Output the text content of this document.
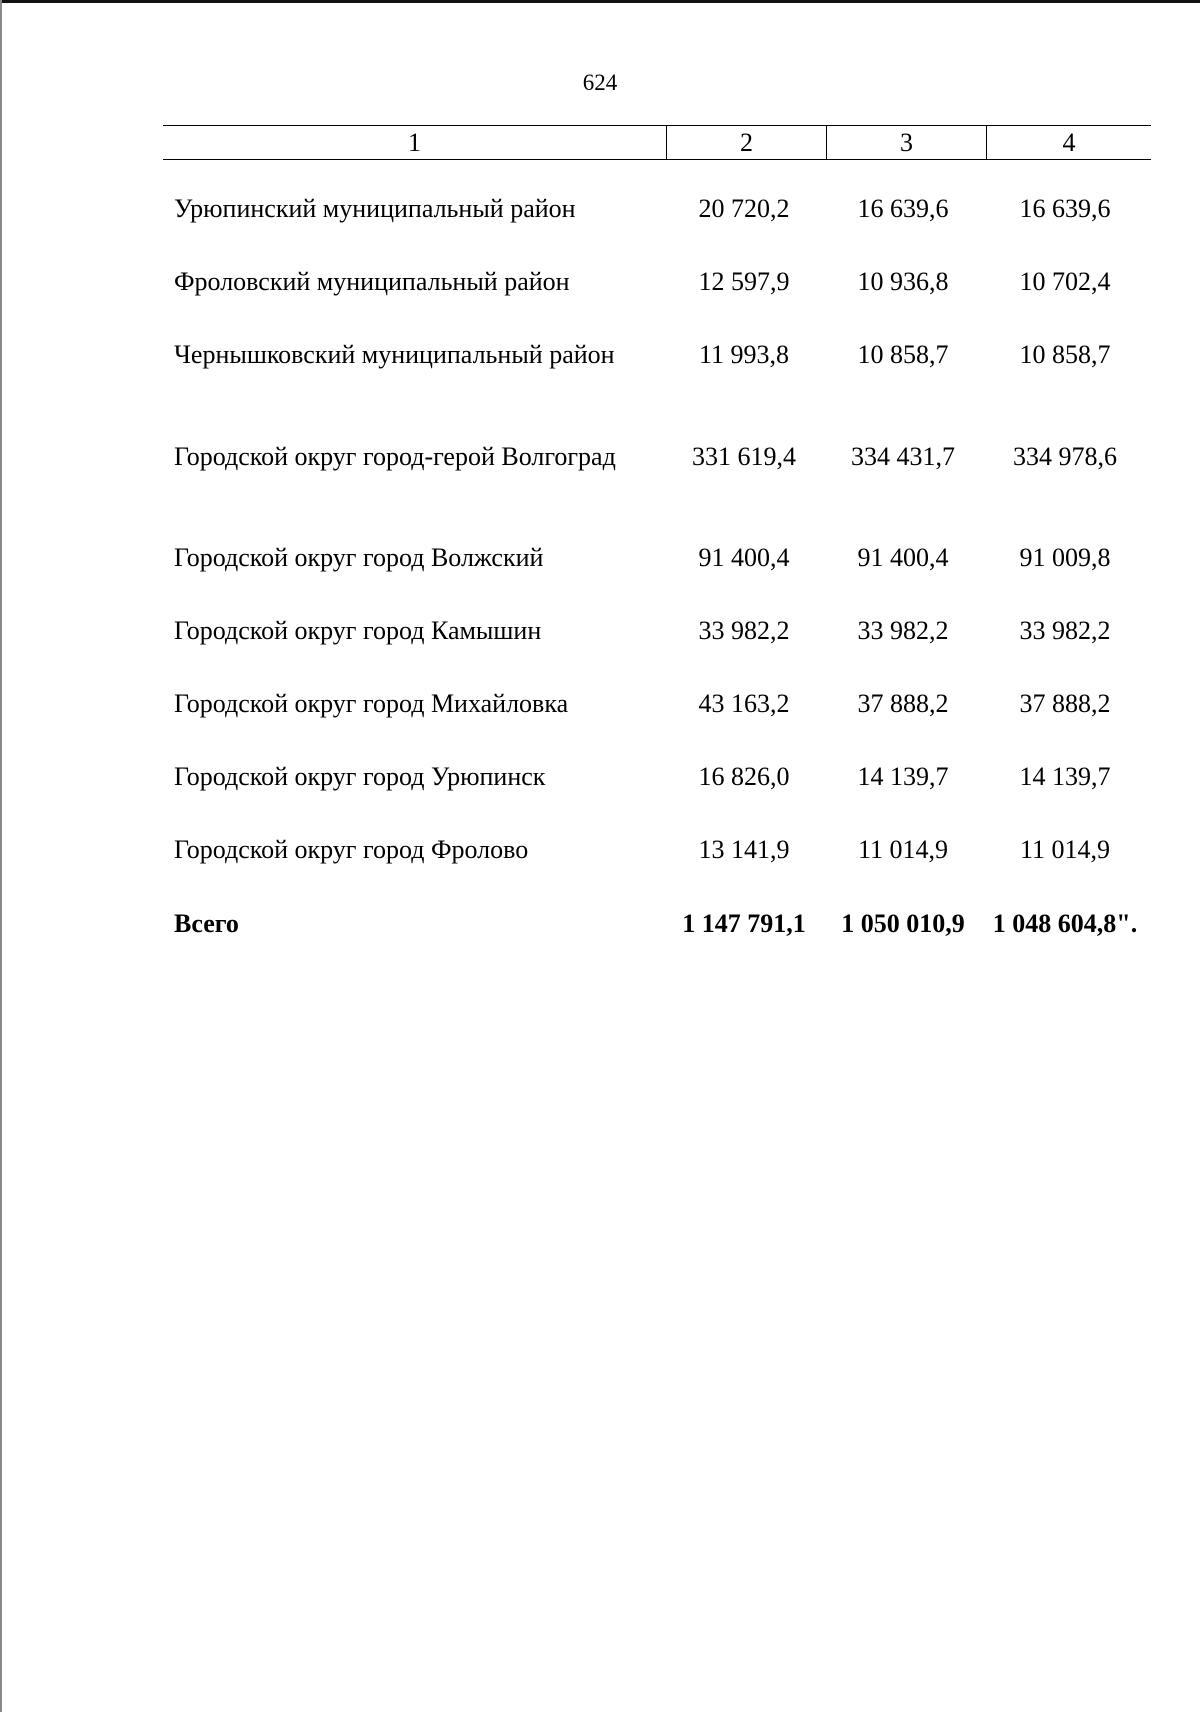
624
1	2	3	4
Урюпинский муниципальный район	20 720,2	16 639,6	16 639,6
Фроловский муниципальный район	12 597,9	10 936,8	10 702,4
Чернышковский муниципальный район	11 993,8	10 858,7	10 858,7
Городской округ город-герой Волгоград	331 619,4	334 431,7	334 978,6
Городской округ город Волжский	91 400,4	91 400,4	91 009,8
Городской округ город Камышин	33 982,2	33 982,2	33 982,2
Городской округ город Михайловка	43 163,2	37 888,2	37 888,2
Городской округ город Урюпинск	16 826,0	14 139,7	14 139,7
Городской округ город Фролово	13 141,9	11 014,9	11 014,9
Всего	1 147 791,1	1 050 010,9	1 048 604,8".
